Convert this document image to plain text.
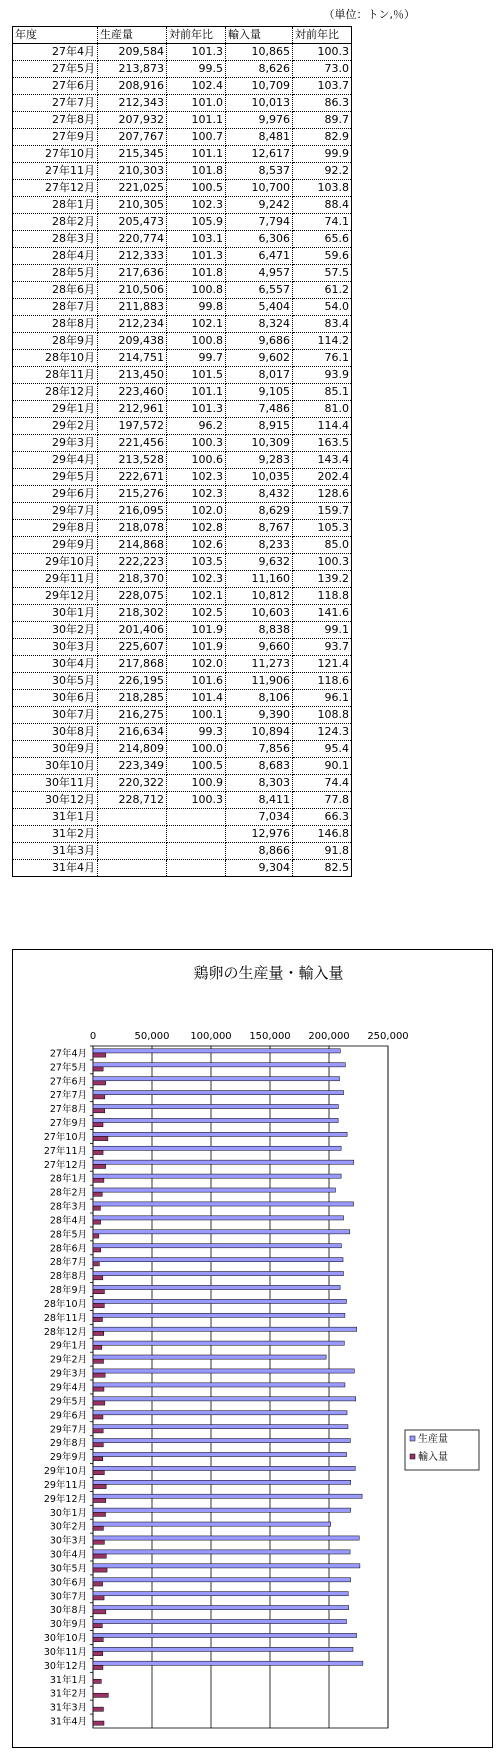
（単位：トン,％）
年度	生産量	対前年比	輸入量	対前年比
27年4月	209,584	101.3	10,865	100.3
27年5月	213,873	99.5	8,626	73.0
27年6月	208,916	102.4	10,709	103.7
27年7月	212,343	101.0	10,013	86.3
27年8月	207,932	101.1	9,976	89.7
27年9月	207,767	100.7	8,481	82.9
27年10月	215,345	101.1	12,617	99.9
27年11月	210,303	101.8	8,537	92.2
27年12月	221,025	100.5	10,700	103.8
28年1月	210,305	102.3	9,242	88.4
28年2月	205,473	105.9	7,794	74.1
28年3月	220,774	103.1	6,306	65.6
28年4月	212,333	101.3	6,471	59.6
28年5月	217,636	101.8	4,957	57.5
28年6月	210,506	100.8	6,557	61.2
28年7月	211,883	99.8	5,404	54.0
28年8月	212,234	102.1	8,324	83.4
28年9月	209,438	100.8	9,686	114.2
28年10月	214,751	99.7	9,602	76.1
28年11月	213,450	101.5	8,017	93.9
28年12月	223,460	101.1	9,105	85.1
29年1月	212,961	101.3	7,486	81.0
29年2月	197,572	96.2	8,915	114.4
29年3月	221,456	100.3	10,309	163.5
29年4月	213,528	100.6	9,283	143.4
29年5月	222,671	102.3	10,035	202.4
29年6月	215,276	102.3	8,432	128.6
29年7月	216,095	102.0	8,629	159.7
29年8月	218,078	102.8	8,767	105.3
29年9月	214,868	102.6	8,233	85.0
29年10月	222,223	103.5	9,632	100.3
29年11月	218,370	102.3	11,160	139.2
29年12月	228,075	102.1	10,812	118.8
30年1月	218,302	102.5	10,603	141.6
30年2月	201,406	101.9	8,838	99.1
30年3月	225,607	101.9	9,660	93.7
30年4月	217,868	102.0	11,273	121.4
30年5月	226,195	101.6	11,906	118.6
30年6月	218,285	101.4	8,106	96.1
30年7月	216,275	100.1	9,390	108.8
30年8月	216,634	99.3	10,894	124.3
30年9月	214,809	100.0	7,856	95.4
30年10月	223,349	100.5	8,683	90.1
30年11月	220,322	100.9	8,303	74.4
30年12月	228,712	100.3	8,411	77.8
31年1月			7,034	66.3
31年2月			12,976	146.8
31年3月			8,866	91.8
31年4月			9,304	82.5
鶏卵の生産量・輸入量
0	50,000 100,000 150,000 200,000 250,000
27年4月
27年5月
27年6月
27年7月
27年8月
27年9月
27年10月
27年11月
27年12月
28年1月
28年2月
28年3月
28年4月
28年5月
28年6月
28年7月
28年8月
28年9月
28年10月
28年11月
28年12月
29年1月
29年2月
29年3月
29年4月
29年5月
29年6月
29年7月
29年8月
29年9月
29年10月
29年11月
29年12月
30年1月
30年2月
30年3月
30年4月
30年5月
30年6月
30年7月
30年8月
30年9月
30年10月
30年11月
30年12月
31年1月
31年2月
31年3月
31年4月
生産量
輸入量
